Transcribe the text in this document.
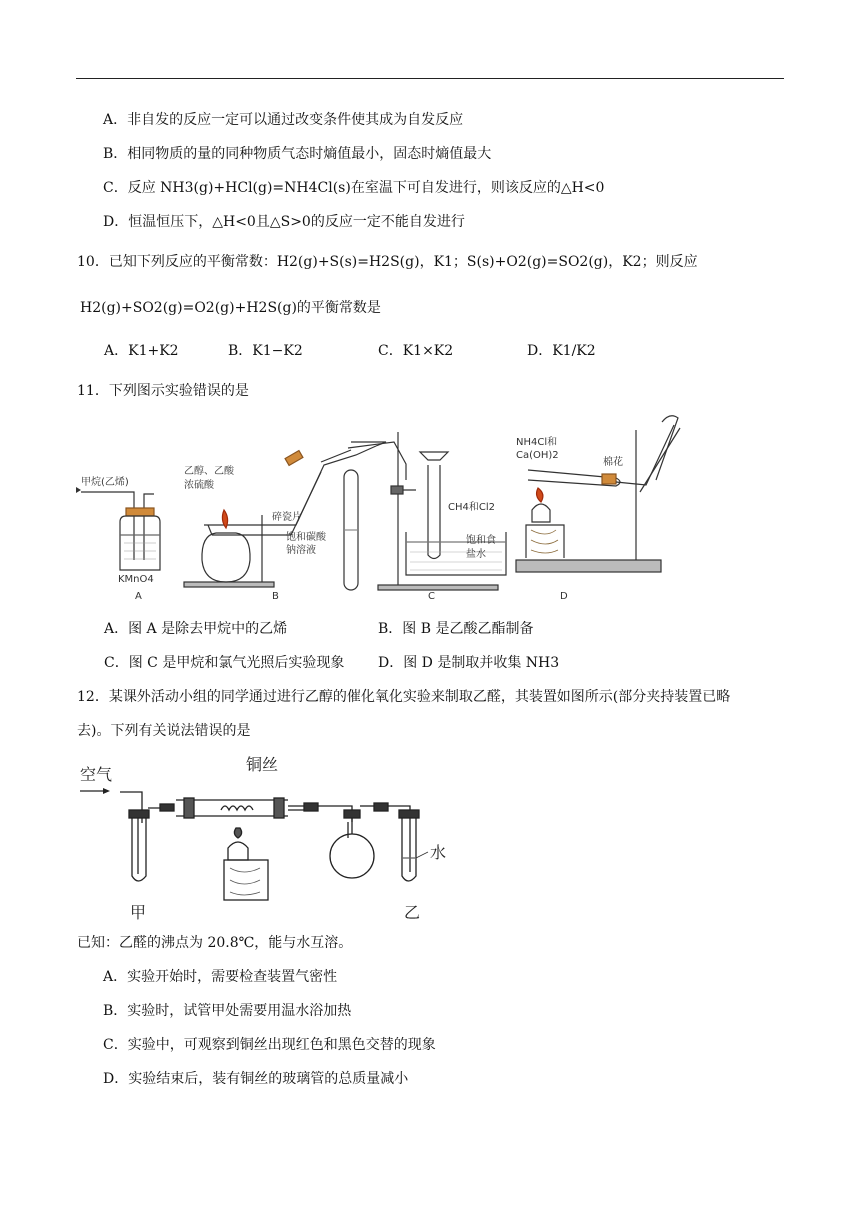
A．非自发的反应一定可以通过改变条件使其成为自发反应
B．相同物质的量的同种物质气态时熵值最小，固态时熵值最大
C．反应 NH3(g)+HCl(g)=NH4Cl(s)在室温下可自发进行，则该反应的△H<0
D．恒温恒压下，△H<0且△S>0的反应一定不能自发进行
10．已知下列反应的平衡常数：H2(g)+S(s)=H2S(g)，K1；S(s)+O2(g)=SO2(g)，K2；则反应
H2(g)+SO2(g)=O2(g)+H2S(g)的平衡常数是
A．K1+K2	B．K1−K2	C．K1×K2	D．K1/K2
11．下列图示实验错误的是
甲烷(乙烯)
KMnO4
A
乙醇、乙酸
浓硫酸
碎瓷片
饱和碳酸
钠溶液
B
CH4和Cl2
饱和食
盐水
C
NH4Cl和
Ca(OH)2
棉花
D
A．图 A 是除去甲烷中的乙烯	B．图 B 是乙酸乙酯制备
C．图 C 是甲烷和氯气光照后实验现象 D．图 D 是制取并收集 NH3
12．某课外活动小组的同学通过进行乙醇的催化氧化实验来制取乙醛，其装置如图所示(部分夹持装置已略
去)。下列有关说法错误的是
空气
铜丝
水
甲	乙
已知：乙醛的沸点为 20.8℃，能与水互溶。
A．实验开始时，需要检查装置气密性
B．实验时，试管甲处需要用温水浴加热
C．实验中，可观察到铜丝出现红色和黑色交替的现象
D．实验结束后，装有铜丝的玻璃管的总质量减小
